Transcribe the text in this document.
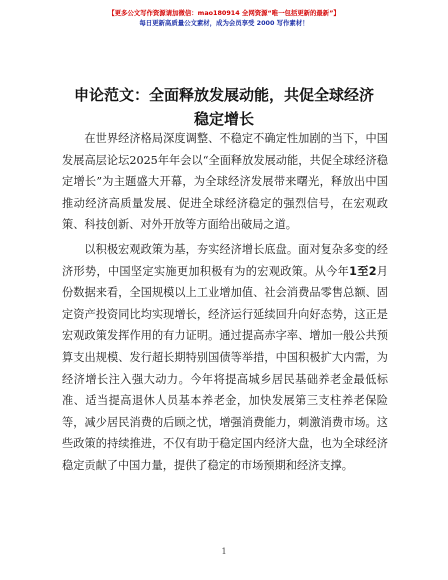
【更多公文写作资源请加微信：mao180914 全网资源“唯一包括更新的最新”】
每日更新高质量公文素材，成为会员享受 2000 写作素材！
申论范文：全面释放发展动能，共促全球经济
稳定增长

在世界经济格局深度调整、不稳定不确定性加剧的当下，中国发展高层论坛2025年年会以“全面释放发展动能，共促全球经济稳定增长”为主题盛大开幕，为全球经济发展带来曙光，释放出中国推动经济高质量发展、促进全球经济稳定的强烈信号，在宏观政策、科技创新、对外开放等方面给出破局之道。

以积极宏观政策为基，夯实经济增长底盘。面对复杂多变的经济形势，中国坚定实施更加积极有为的宏观政策。从今年1至2月份数据来看，全国规模以上工业增加值、社会消费品零售总额、固定资产投资同比均实现增长，经济运行延续回升向好态势，这正是宏观政策发挥作用的有力证明。通过提高赤字率、增加一般公共预算支出规模、发行超长期特别国债等举措，中国积极扩大内需，为经济增长注入强大动力。今年将提高城乡居民基础养老金最低标准、适当提高退休人员基本养老金，加快发展第三支柱养老保险等，减少居民消费的后顾之忧，增强消费能力，刺激消费市场。这些政策的持续推进，不仅有助于稳定国内经济大盘，也为全球经济稳定贡献了中国力量，提供了稳定的市场预期和经济支撑。

1
